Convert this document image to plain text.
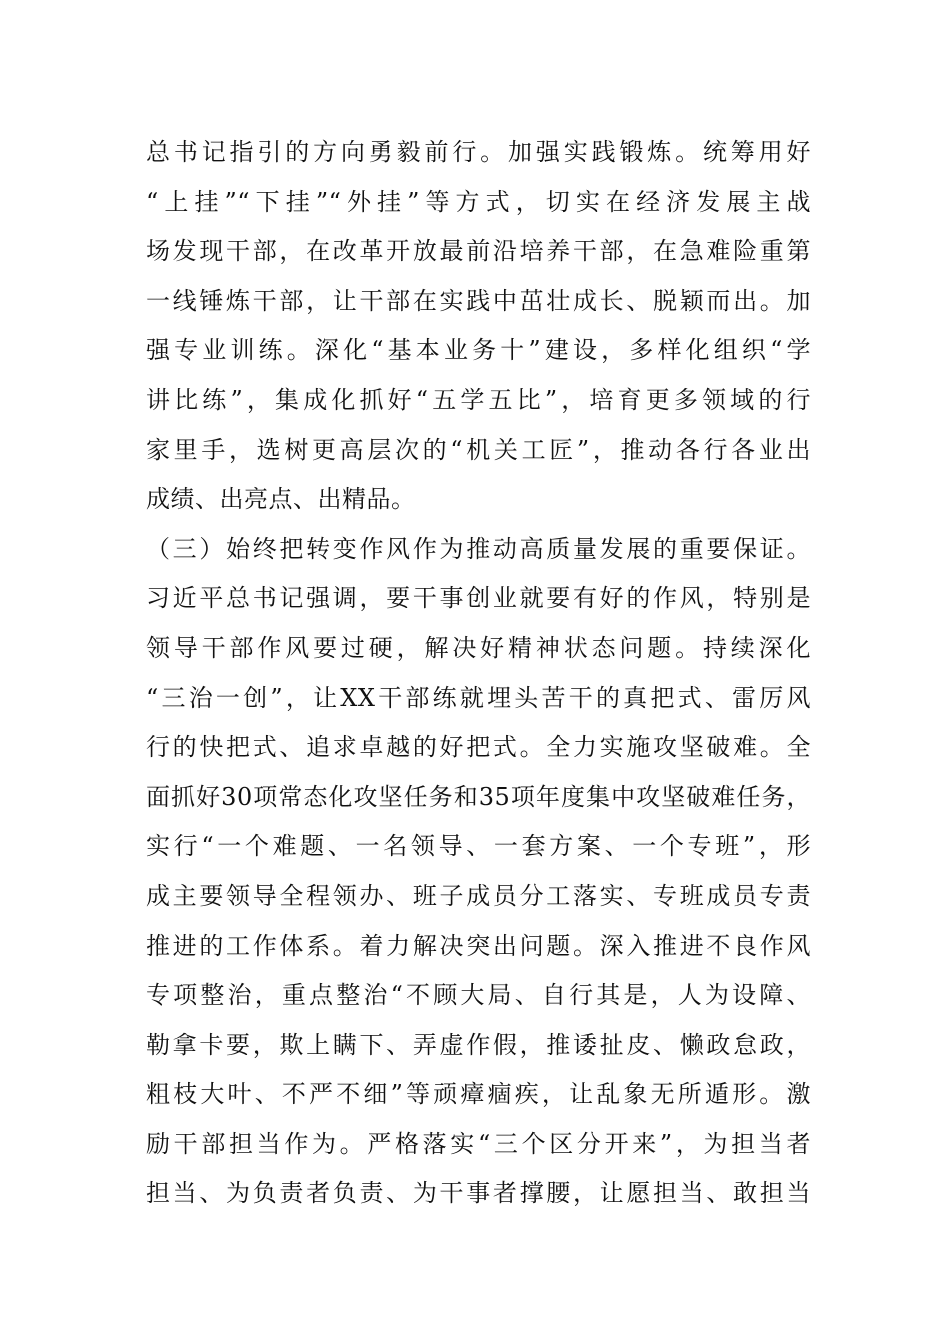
总书记指引的方向勇毅前行。加强实践锻炼。统筹用好
“上挂”“下挂”“外挂”等方式，切实在经济发展主战
场发现干部，在改革开放最前沿培养干部，在急难险重第
一线锤炼干部，让干部在实践中茁壮成长、脱颖而出。加
强专业训练。深化“基本业务十”建设，多样化组织“学
讲比练”，集成化抓好“五学五比”，培育更多领域的行
家里手，选树更高层次的“机关工匠”，推动各行各业出
成绩、出亮点、出精品。
（三）始终把转变作风作为推动高质量发展的重要保证。
习近平总书记强调，要干事创业就要有好的作风，特别是
领导干部作风要过硬，解决好精神状态问题。持续深化
“三治一创”，让XX干部练就埋头苦干的真把式、雷厉风
行的快把式、追求卓越的好把式。全力实施攻坚破难。全
面抓好30项常态化攻坚任务和35项年度集中攻坚破难任务，
实行“一个难题、一名领导、一套方案、一个专班”，形
成主要领导全程领办、班子成员分工落实、专班成员专责
推进的工作体系。着力解决突出问题。深入推进不良作风
专项整治，重点整治“不顾大局、自行其是，人为设障、
勒拿卡要，欺上瞒下、弄虚作假，推诿扯皮、懒政怠政，
粗枝大叶、不严不细”等顽瘴痼疾，让乱象无所遁形。激
励干部担当作为。严格落实“三个区分开来”，为担当者
担当、为负责者负责、为干事者撑腰，让愿担当、敢担当
